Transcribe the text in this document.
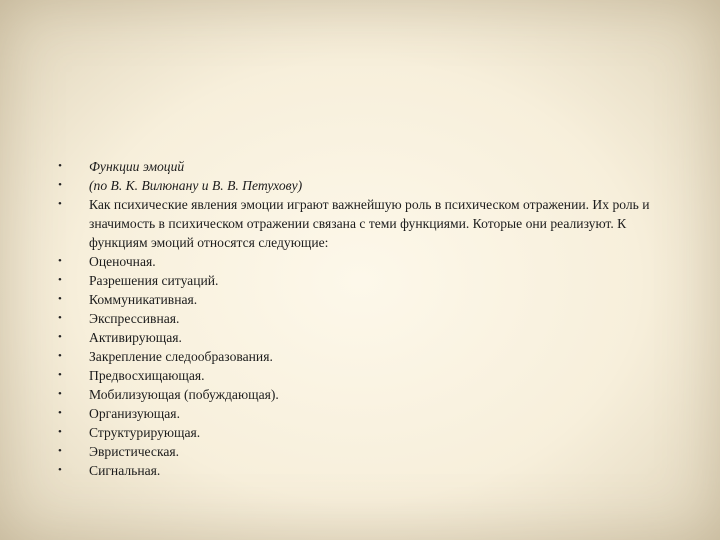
• Функции эмоций
• (по В. К. Вилюнану и В. В. Петухову)
• Как психические явления эмоции играют важнейшую роль в психическом отражении. Их роль и значимость в психическом отражении связана с теми функциями. Которые они реализуют. К функциям эмоций относятся следующие:
• Оценочная.
• Разрешения ситуаций.
• Коммуникативная.
• Экспрессивная.
• Активирующая.
• Закрепление следообразования.
• Предвосхищающая.
• Мобилизующая (побуждающая).
• Организующая.
• Структурирующая.
• Эвристическая.
• Сигнальная.
